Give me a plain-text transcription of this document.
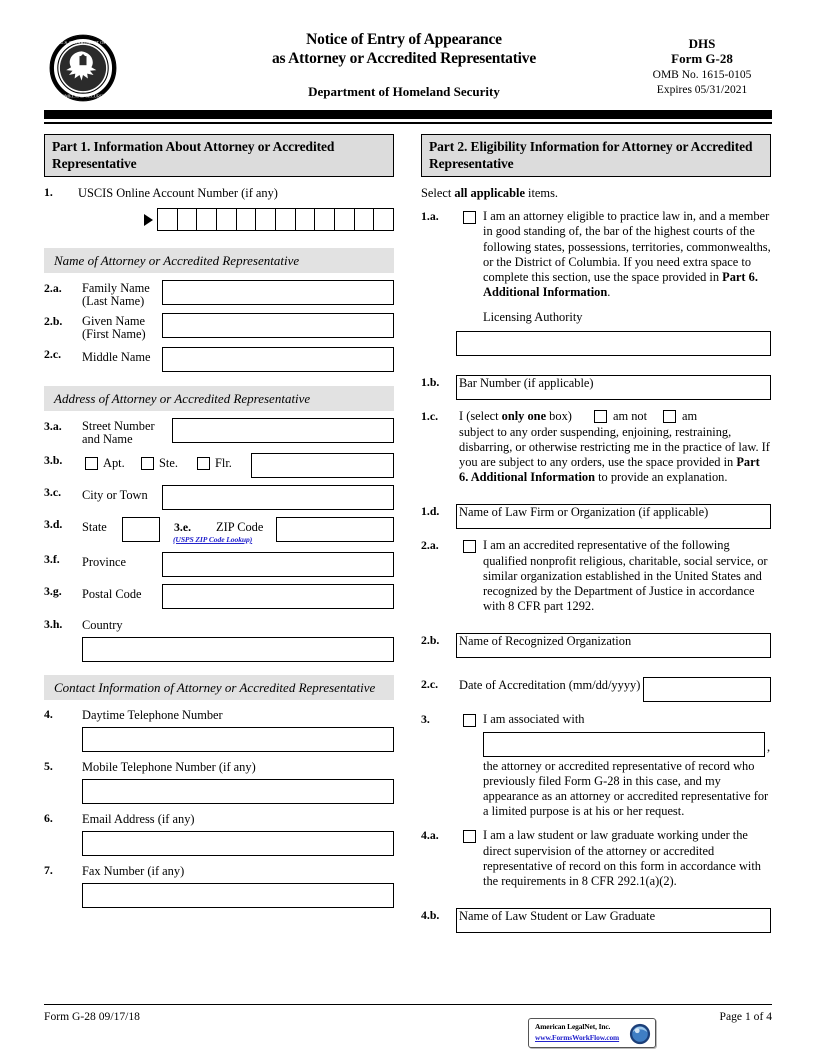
U.S. DEPARTMENT OF
HOMELAND SECURITY
Notice of Entry of Appearance
as Attorney or Accredited Representative
Department of Homeland Security
DHS
Form G-28
OMB No. 1615-0105
Expires 05/31/2021
Part 1. Information About Attorney or Accredited Representative
1.	USCIS Online Account Number (if any)
Name of Attorney or Accredited Representative
2.a.	Family Name
(Last Name)
2.b.	Given Name
(First Name)
2.c.	Middle Name
Address of Attorney or Accredited Representative
3.a.	Street Number
and Name
3.b.	Apt.	Ste.	Flr.
3.c.	City or Town
3.d.	State	3.e.	ZIP Code
(USPS ZIP Code Lookup)
3.f.	Province
3.g.	Postal Code
3.h.	Country
Contact Information of Attorney or Accredited Representative
4.	Daytime Telephone Number
5.	Mobile Telephone Number (if any)
6.	Email Address (if any)
7.	Fax Number (if any)
Part 2. Eligibility Information for Attorney or Accredited Representative
Select all applicable items.
1.a.	I am an attorney eligible to practice law in, and a member in good standing of, the bar of the highest courts of the following states, possessions, territories, commonwealths, or the District of Columbia. If you need extra space to complete this section, use the space provided in Part 6. Additional Information.
Licensing Authority
1.b.	Bar Number (if applicable)
1.c.	I (select only one box)	am not	am
subject to any order suspending, enjoining, restraining, disbarring, or otherwise restricting me in the practice of law. If you are subject to any orders, use the space provided in Part 6. Additional Information to provide an explanation.
1.d.	Name of Law Firm or Organization (if applicable)
2.a.	I am an accredited representative of the following qualified nonprofit religious, charitable, social service, or similar organization established in the United States and recognized by the Department of Justice in accordance with 8 CFR part 1292.
2.b.	Name of Recognized Organization
2.c.	Date of Accreditation (mm/dd/yyyy)
3.	I am associated with
,
the attorney or accredited representative of record who previously filed Form G-28 in this case, and my appearance as an attorney or accredited representative for a limited purpose is at his or her request.
4.a.	I am a law student or law graduate working under the direct supervision of the attorney or accredited representative of record on this form in accordance with the requirements in 8 CFR 292.1(a)(2).
4.b.	Name of Law Student or Law Graduate
Form G-28 09/17/18	Page 1 of 4
American LegalNet, Inc.
www.FormsWorkFlow.com
